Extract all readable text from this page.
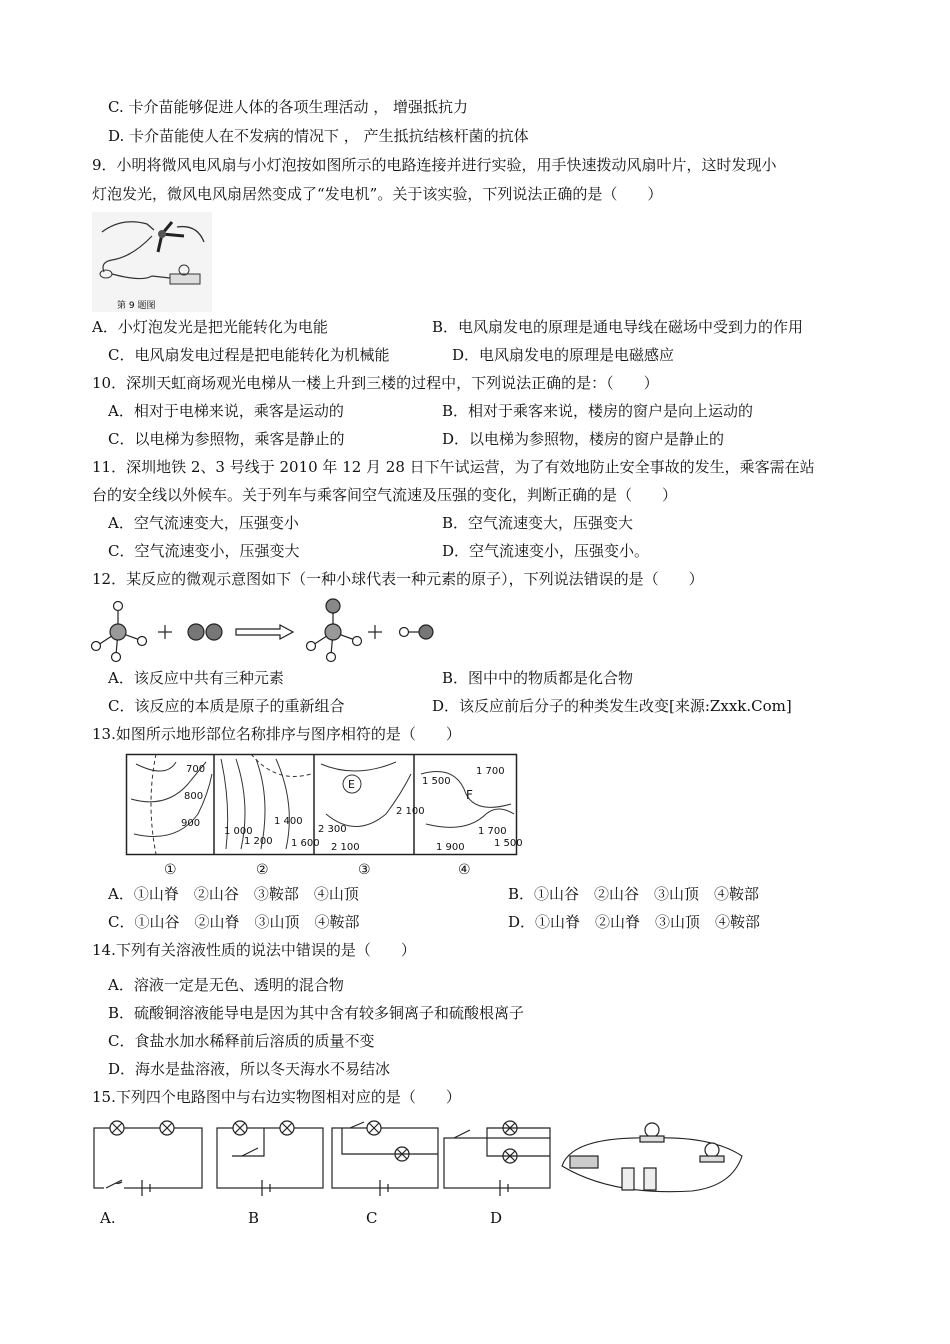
C. 卡介苗能够促进人体的各项生理活动 ， 增强抵抗力
D. 卡介苗能使人在不发病的情况下 ， 产生抵抗结核杆菌的抗体
9．小明将微风电风扇与小灯泡按如图所示的电路连接并进行实验，用手快速拨动风扇叶片，这时发现小
灯泡发光，微风电风扇居然变成了“发电机”。关于该实验，下列说法正确的是（　　）
第 9 题图
A．小灯泡发光是把光能转化为电能	B．电风扇发电的原理是通电导线在磁场中受到力的作用
C．电风扇发电过程是把电能转化为机械能	D．电风扇发电的原理是电磁感应
10．深圳天虹商场观光电梯从一楼上升到三楼的过程中，下列说法正确的是：（　　）
A．相对于电梯来说，乘客是运动的	B．相对于乘客来说，楼房的窗户是向上运动的
C．以电梯为参照物，乘客是静止的	D．以电梯为参照物，楼房的窗户是静止的
11．深圳地铁 2、3 号线于 2010 年 12 月 28 日下午试运营，为了有效地防止安全事故的发生，乘客需在站
台的安全线以外候车。关于列车与乘客间空气流速及压强的变化，判断正确的是（　　）
A．空气流速变大，压强变小	B．空气流速变大，压强变大
C．空气流速变小，压强变大	D．空气流速变小，压强变小。
12．某反应的微观示意图如下（一种小球代表一种元素的原子），下列说法错误的是（　　）
A．该反应中共有三种元素	B．图中中的物质都是化合物
C．该反应的本质是原子的重新组合	D．该反应前后分子的种类发生改变[来源:Zxxk.Com]
13.如图所示地形部位名称排序与图序相符的是（　　）
700
800
900
1 000
1 200
1 400
1 600
E
2 100
2 300
2 100
1 500
1 700
F
1 700
1 500
1 900
①	②	③	④
A．①山脊　②山谷　③鞍部　④山顶	B．①山谷　②山谷　③山顶　④鞍部
C．①山谷　②山脊　③山顶　④鞍部	D．①山脊　②山脊　③山顶　④鞍部
14.下列有关溶液性质的说法中错误的是（　　）
A．溶液一定是无色、透明的混合物
B．硫酸铜溶液能导电是因为其中含有较多铜离子和硫酸根离子
C．食盐水加水稀释前后溶质的质量不变
D．海水是盐溶液，所以冬天海水不易结冰
15.下列四个电路图中与右边实物图相对应的是（　　）
A.	B	C	D
